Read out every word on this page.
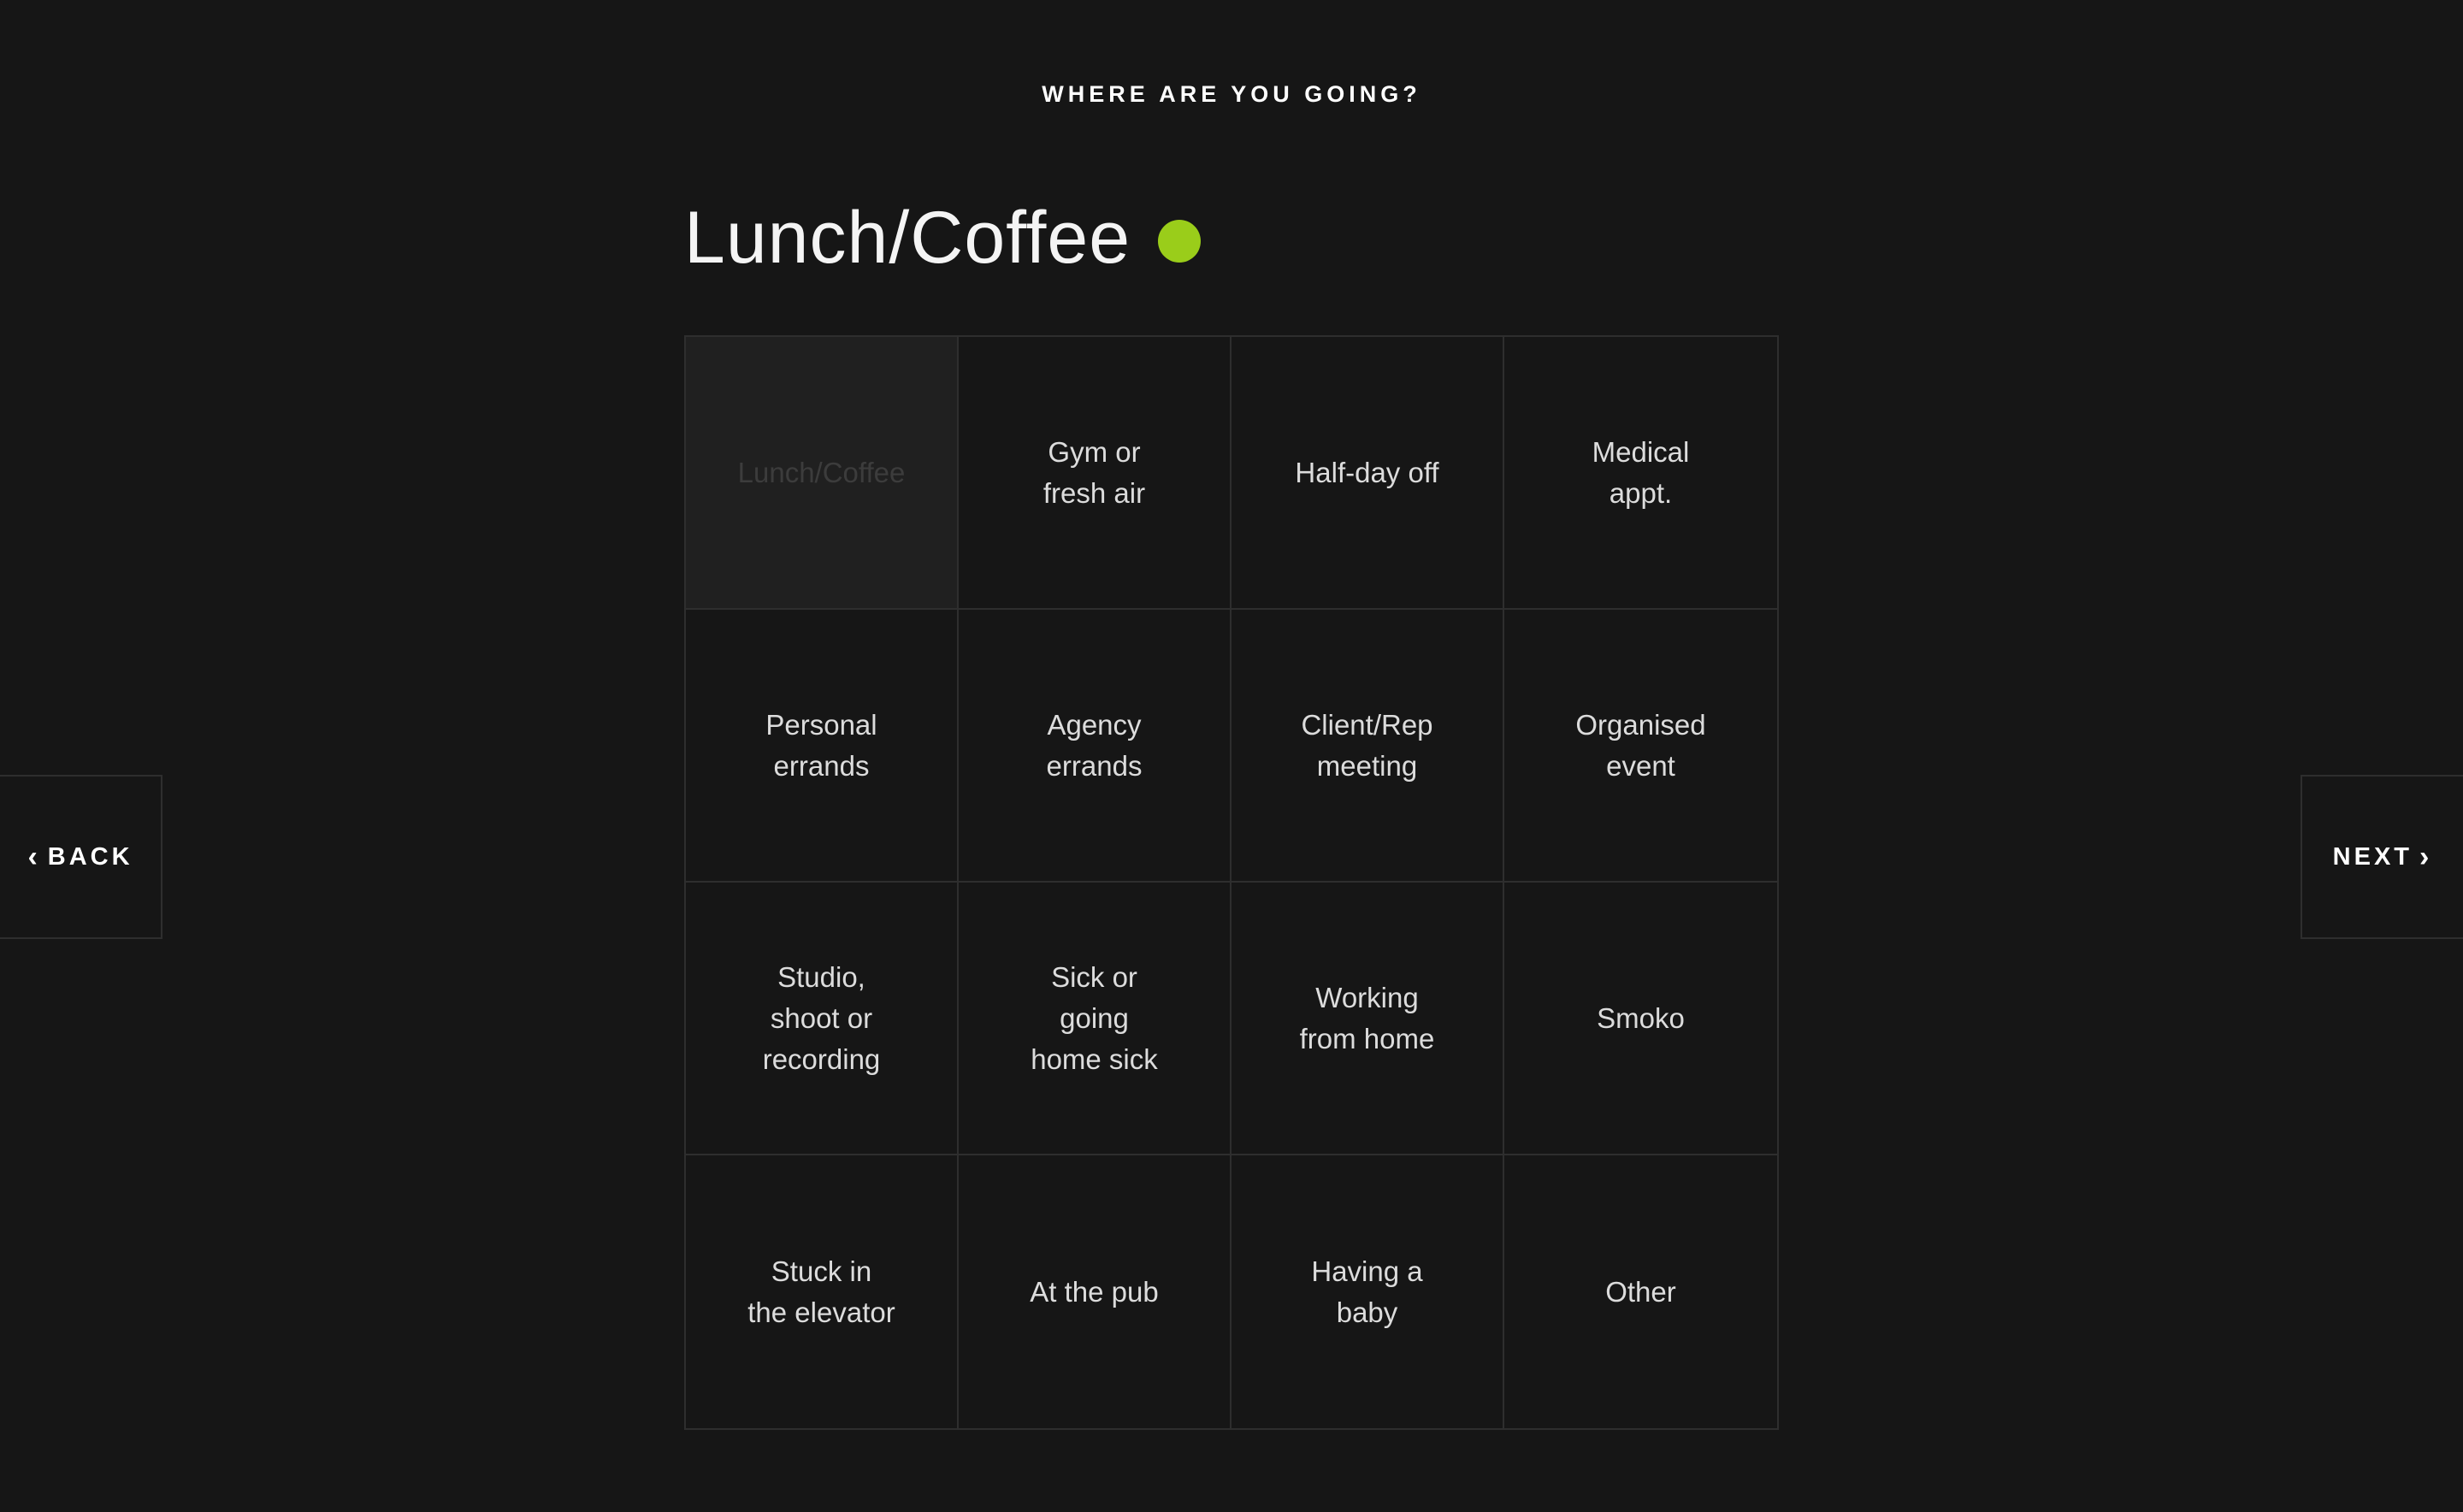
WHERE ARE YOU GOING?
Lunch/Coffee
Lunch/Coffee
Gym or
fresh air
Half-day off
Medical
appt.
Personal
errands
Agency
errands
Client/Rep
meeting
Organised
event
Studio,
shoot or
recording
Sick or
going
home sick
Working
from home
Smoko
Stuck in
the elevator
At the pub
Having a
baby
Other
‹ BACK	NEXT ›
